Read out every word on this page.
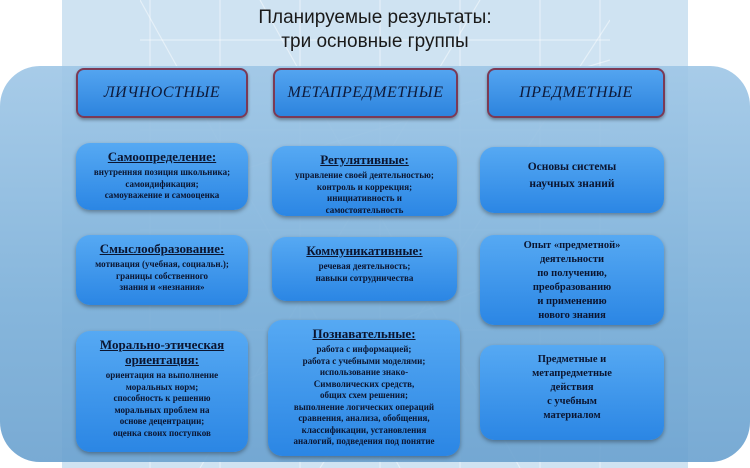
Планируемые результаты:
три основные группы
ЛИЧНОСТНЫЕ	МЕТАПРЕДМЕТНЫЕ	ПРЕДМЕТНЫЕ
Самоопределение:
внутренняя позиция школьника;
самоидификация;
самоуважение и самооценка
Смыслообразование:
мотивация (учебная, социальн.);
границы собственного
знания и «незнания»
Морально-этическая
ориентация:
ориентация на выполнение
моральных норм;
способность к решению
моральных проблем на
основе децентрации;
оценка своих поступков
Регулятивные:
управление своей деятельностью;
контроль и коррекция;
инициативность и
самостоятельность
Коммуникативные:
речевая деятельность;
навыки сотрудничества
Познавательные:
работа с информацией;
работа с учебными моделями;
использование знако-
Символических средств,
общих схем решения;
выполнение логических операций
сравнения, анализа, обобщения,
классификации, установления
аналогий, подведения под понятие
Основы системы
научных знаний
Опыт «предметной»
деятельности
по получению,
преобразованию
и применению
нового знания
Предметные и
метапредметные
действия
с учебным
материалом
